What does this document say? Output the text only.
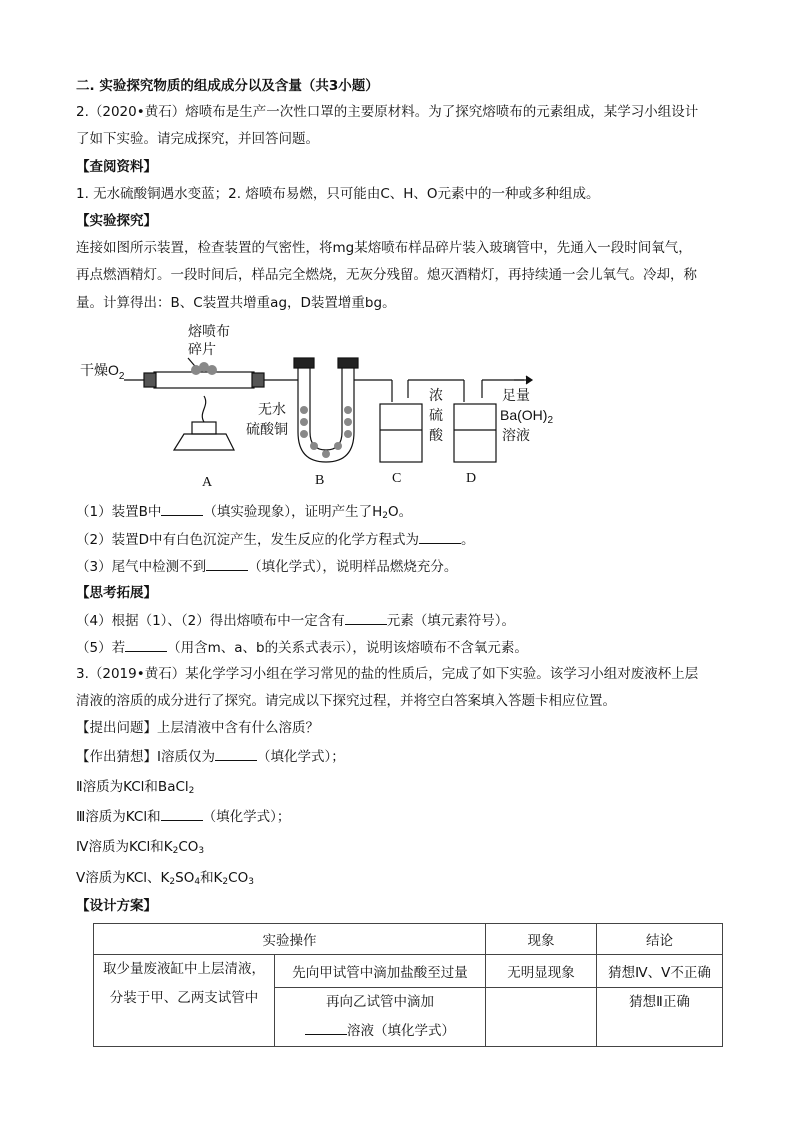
二. 实验探究物质的组成成分以及含量（共3小题）
2.（2020•黄石）熔喷布是生产一次性口罩的主要原材料。为了探究熔喷布的元素组成，某学习小组设计
了如下实验。请完成探究，并回答问题。
【查阅资料】
1. 无水硫酸铜遇水变蓝；2. 熔喷布易燃，只可能由C、H、O元素中的一种或多种组成。
【实验探究】
连接如图所示装置，检查装置的气密性，将mg某熔喷布样品碎片装入玻璃管中，先通入一段时间氧气，
再点燃酒精灯。一段时间后，样品完全燃烧，无灰分残留。熄灭酒精灯，再持续通一会儿氧气。冷却，称
量。计算得出：B、C装置共增重ag，D装置增重bg。
熔喷布
碎片
干燥$O_2$
无水
硫酸铜
浓
硫
酸
足量
$Ba(OH)_2$
溶液
A	B	C	D
（1）装置B中	（填实验现象），证明产生了$H_2O$。
（2）装置D中有白色沉淀产生，发生反应的化学方程式为	。
（3）尾气中检测不到	（填化学式），说明样品燃烧充分。
【思考拓展】
（4）根据（1）、（2）得出熔喷布中一定含有	元素（填元素符号）。
（5）若	（用含m、a、b的关系式表示），说明该熔喷布不含氧元素。
3.（2019•黄石）某化学学习小组在学习常见的盐的性质后，完成了如下实验。该学习小组对废液杯上层
清液的溶质的成分进行了探究。请完成以下探究过程，并将空白答案填入答题卡相应位置。
【提出问题】上层清液中含有什么溶质？
【作出猜想】Ⅰ溶质仅为	（填化学式）；
Ⅱ溶质为KCl和BaCl$_2$
Ⅲ溶质为KCl和	（填化学式）；
Ⅳ溶质为KCl和$K_2CO_3$
Ⅴ溶质为KCl、$K_2SO_4$和$K_2CO_3$
【设计方案】
实验操作		现象	结论

取少量废液缸中上层清液，
分装于甲、乙两支试管中	先向甲试管中滴加盐酸至过量	无明显现象	猜想Ⅳ、Ⅴ不正确

	再向乙试管中滴加
溶液（填化学式）		猜想Ⅱ正确
